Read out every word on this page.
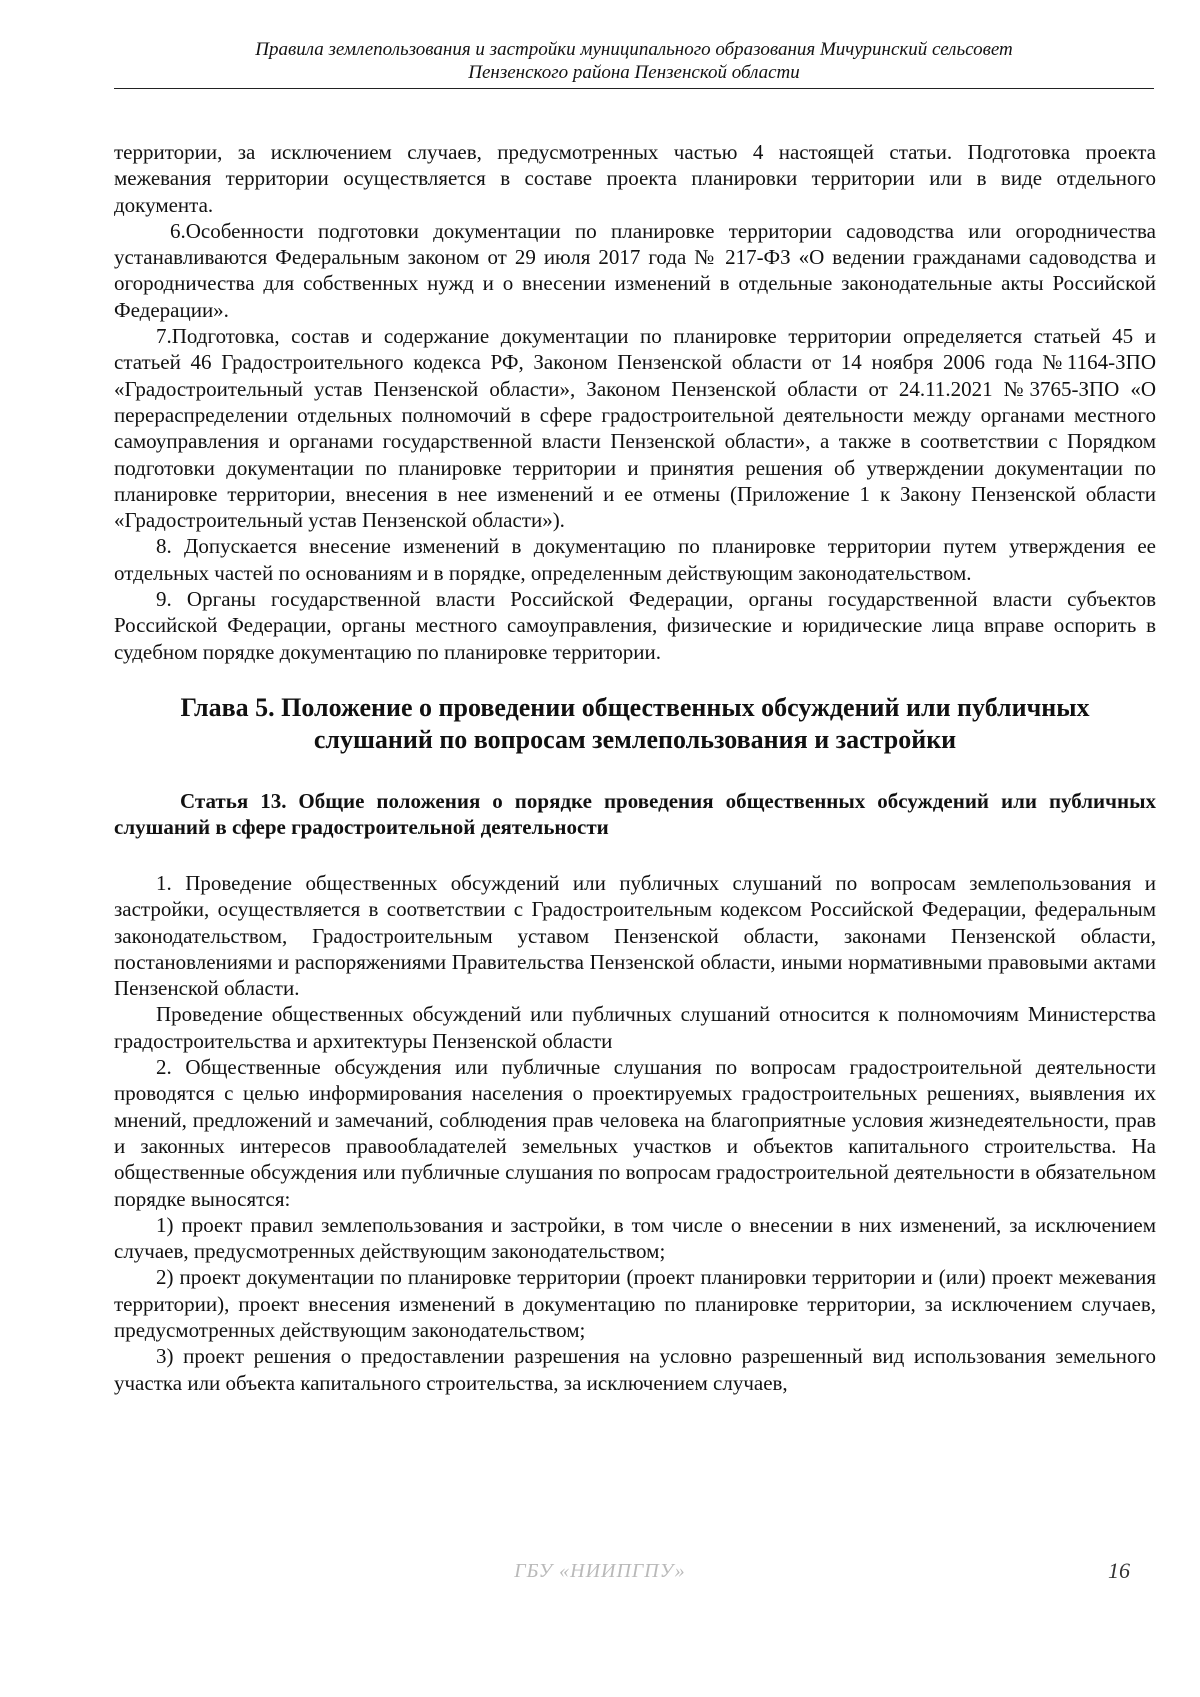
Правила землепользования и застройки муниципального образования Мичуринский сельсовет
Пензенского района Пензенской области

территории, за исключением случаев, предусмотренных частью 4 настоящей статьи. Подготовка проекта межевания территории осуществляется в составе проекта планировки территории или в виде отдельного документа.

6.Особенности подготовки документации по планировке территории садоводства или огородничества устанавливаются Федеральным законом от 29 июля 2017 года № 217-ФЗ «О ведении гражданами садоводства и огородничества для собственных нужд и о внесении изменений в отдельные законодательные акты Российской Федерации».

7.Подготовка, состав и содержание документации по планировке территории определяется статьей 45 и статьей 46 Градостроительного кодекса РФ, Законом Пензенской области от 14 ноября 2006 года №1164-ЗПО «Градостроительный устав Пензенской области», Законом Пензенской области от 24.11.2021 №3765-ЗПО «О перераспределении отдельных полномочий в сфере градостроительной деятельности между органами местного самоуправления и органами государственной власти Пензенской области», а также в соответствии с Порядком подготовки документации по планировке территории и принятия решения об утверждении документации по планировке территории, внесения в нее изменений и ее отмены (Приложение 1 к Закону Пензенской области «Градостроительный устав Пензенской области»).

8. Допускается внесение изменений в документацию по планировке территории путем утверждения ее отдельных частей по основаниям и в порядке, определенным действующим законодательством.

9. Органы государственной власти Российской Федерации, органы государственной власти субъектов Российской Федерации, органы местного самоуправления, физические и юридические лица вправе оспорить в судебном порядке документацию по планировке территории.

Глава 5. Положение о проведении общественных обсуждений или публичных слушаний по вопросам землепользования и застройки

Статья 13. Общие положения о порядке проведения общественных обсуждений или публичных слушаний в сфере градостроительной деятельности

1. Проведение общественных обсуждений или публичных слушаний по вопросам землепользования и застройки, осуществляется в соответствии с Градостроительным кодексом Российской Федерации, федеральным законодательством, Градостроительным уставом Пензенской области, законами Пензенской области, постановлениями и распоряжениями Правительства Пензенской области, иными нормативными правовыми актами Пензенской области.

Проведение общественных обсуждений или публичных слушаний относится к полномочиям Министерства градостроительства и архитектуры Пензенской области

2. Общественные обсуждения или публичные слушания по вопросам градостроительной деятельности проводятся с целью информирования населения о проектируемых градостроительных решениях, выявления их мнений, предложений и замечаний, соблюдения прав человека на благоприятные условия жизнедеятельности, прав и законных интересов правообладателей земельных участков и объектов капитального строительства. На общественные обсуждения или публичные слушания по вопросам градостроительной деятельности в обязательном порядке выносятся:

1) проект правил землепользования и застройки, в том числе о внесении в них изменений, за исключением случаев, предусмотренных действующим законодательством;

2) проект документации по планировке территории (проект планировки территории и (или) проект межевания территории), проект внесения изменений в документацию по планировке территории, за исключением случаев, предусмотренных действующим законодательством;

3) проект решения о предоставлении разрешения на условно разрешенный вид использования земельного участка или объекта капитального строительства, за исключением случаев,

ГБУ «НИИПГПУ»	16
